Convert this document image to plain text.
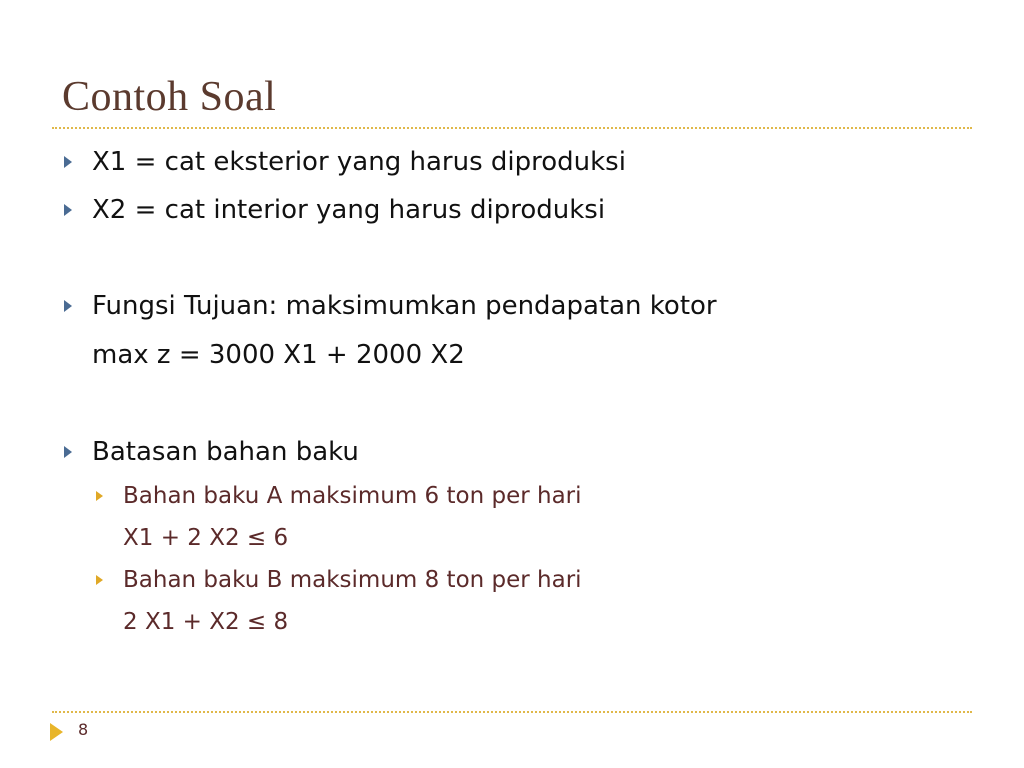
Contoh Soal
X1 = cat eksterior yang harus diproduksi
X2 = cat interior yang harus diproduksi
Fungsi Tujuan: maksimumkan pendapatan kotor
max z = 3000 X1 + 2000 X2
Batasan bahan baku
Bahan baku A maksimum 6 ton per hari
X1 + 2 X2 ≤ 6
Bahan baku B maksimum 8 ton per hari
2 X1 + X2 ≤ 8
8
